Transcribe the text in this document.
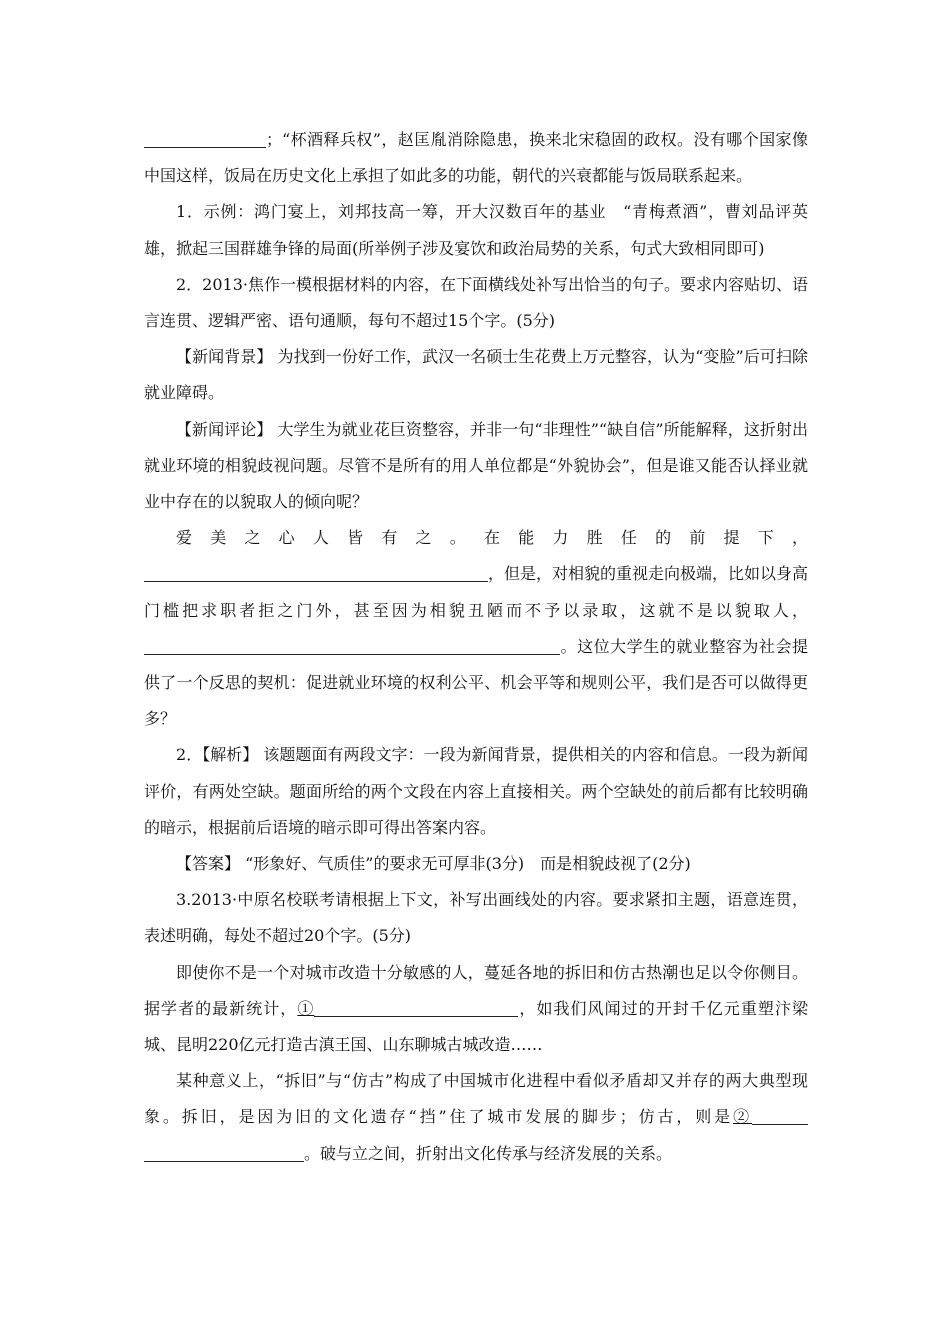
；“杯酒释兵权”，赵匡胤消除隐患，换来北宋稳固的政权。没有哪个国家像中国这样，饭局在历史文化上承担了如此多的功能，朝代的兴衰都能与饭局联系起来。

1．示例：鸿门宴上，刘邦技高一筹，开大汉数百年的基业　“青梅煮酒”，曹刘品评英雄，掀起三国群雄争锋的局面(所举例子涉及宴饮和政治局势的关系，句式大致相同即可)

2．2013·焦作一模根据材料的内容，在下面横线处补写出恰当的句子。要求内容贴切、语言连贯、逻辑严密、语句通顺，每句不超过15个字。(5分)

【新闻背景】 为找到一份好工作，武汉一名硕士生花费上万元整容，认为“变脸”后可扫除就业障碍。

【新闻评论】 大学生为就业花巨资整容，并非一句“非理性”“缺自信”所能解释，这折射出就业环境的相貌歧视问题。尽管不是所有的用人单位都是“外貌协会”，但是谁又能否认择业就业中存在的以貌取人的倾向呢？

爱美之心人皆有之。在能力胜任的前提下，，但是，对相貌的重视走向极端，比如以身高门槛把求职者拒之门外，甚至因为相貌丑陋而不予以录取，这就不是以貌取人，。这位大学生的就业整容为社会提供了一个反思的契机：促进就业环境的权利公平、机会平等和规则公平，我们是否可以做得更多？

2．【解析】 该题题面有两段文字：一段为新闻背景，提供相关的内容和信息。一段为新闻评价，有两处空缺。题面所给的两个文段在内容上直接相关。两个空缺处的前后都有比较明确的暗示，根据前后语境的暗示即可得出答案内容。

【答案】 “形象好、气质佳”的要求无可厚非(3分)　而是相貌歧视了(2分)

3.2013·中原名校联考请根据上下文，补写出画线处的内容。要求紧扣主题，语意连贯，表述明确，每处不超过20个字。(5分)

即使你不是一个对城市改造十分敏感的人，蔓延各地的拆旧和仿古热潮也足以令你侧目。据学者的最新统计，①	，如我们风闻过的开封千亿元重塑汴梁城、昆明220亿元打造古滇王国、山东聊城古城改造……

某种意义上，“拆旧”与“仿古”构成了中国城市化进程中看似矛盾却又并存的两大典型现象。拆旧，是因为旧的文化遗存“挡”住了城市发展的脚步；仿古，则是②。破与立之间，折射出文化传承与经济发展的关系。
